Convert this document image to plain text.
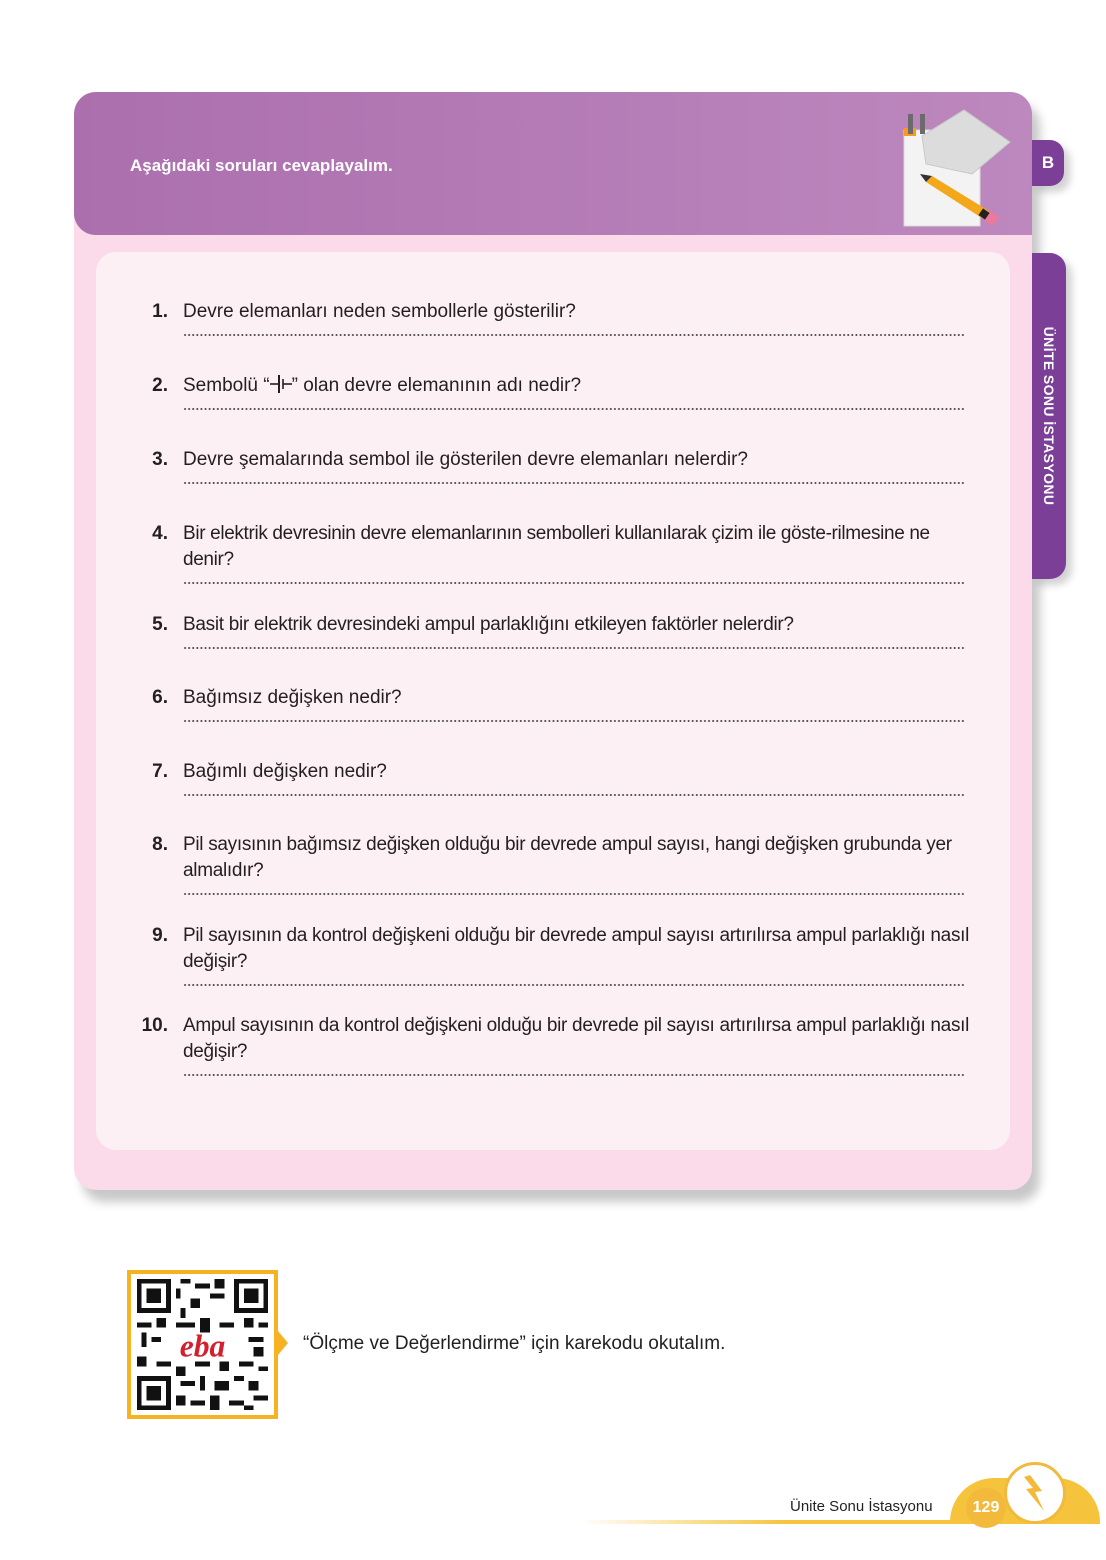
Aşağıdaki soruları cevaplayalım.	B
ÜNİTE SONU İSTASYONU
1. Devre elemanları neden sembollerle gösterilir?
2. Sembolü “ ” olan devre elemanının adı nedir?
3. Devre şemalarında sembol ile gösterilen devre elemanları nelerdir?
4. Bir elektrik devresinin devre elemanlarının sembolleri kullanılarak çizim ile göste-rilmesine ne denir?
5. Basit bir elektrik devresindeki ampul parlaklığını etkileyen faktörler nelerdir?
6. Bağımsız değişken nedir?
7. Bağımlı değişken nedir?
8. Pil sayısının bağımsız değişken olduğu bir devrede ampul sayısı, hangi değişken grubunda yer almalıdır?
9. Pil sayısının da kontrol değişkeni olduğu bir devrede ampul sayısı artırılırsa ampul parlaklığı nasıl değişir?
10. Ampul sayısının da kontrol değişkeni olduğu bir devrede pil sayısı artırılırsa ampul parlaklığı nasıl değişir?
eba	“Ölçme ve Değerlendirme” için karekodu okutalım.
Ünite Sonu İstasyonu	129
